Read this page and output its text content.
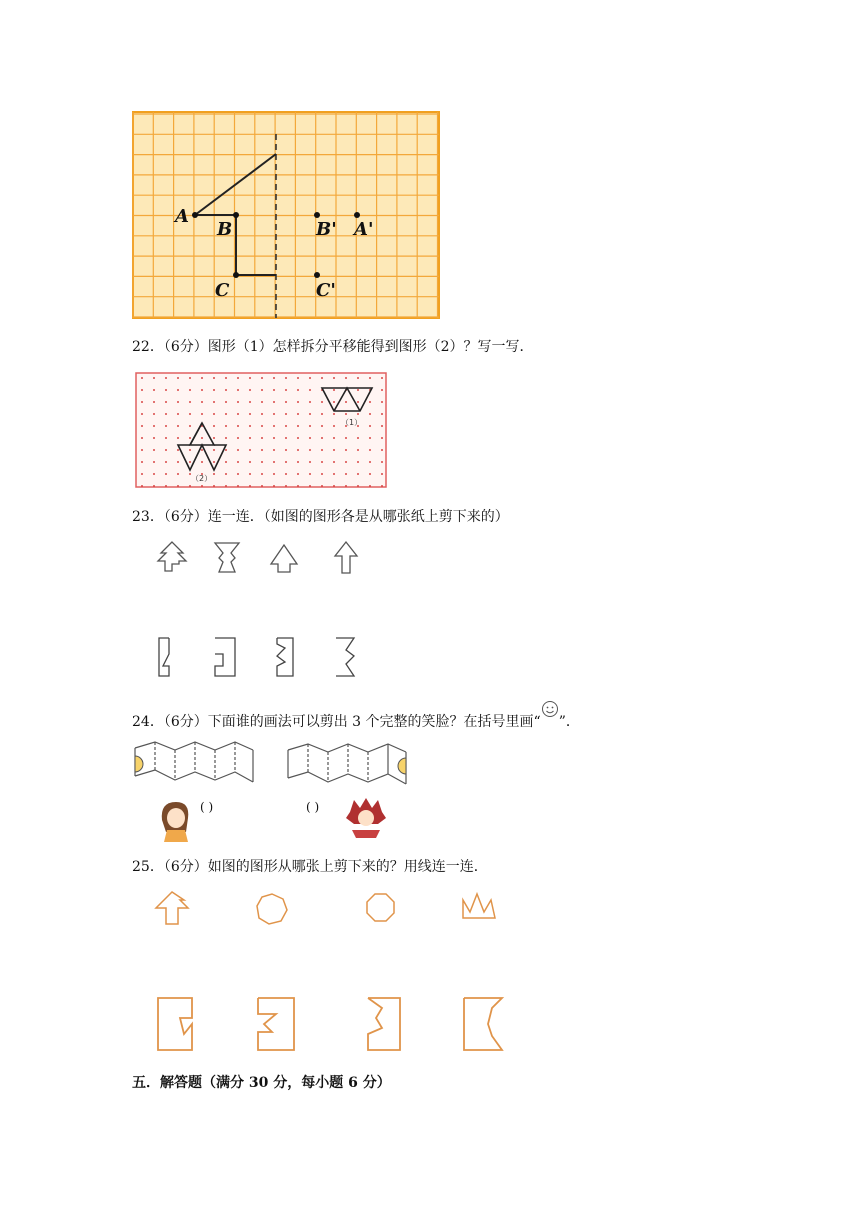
A
B
C
B' A'
C'
22．（6分）图形（1）怎样拆分平移能得到图形（2）？写一写．
（1）
（2）
23．（6分）连一连．（如图的图形各是从哪张纸上剪下来的）
24．（6分）下面谁的画法可以剪出 3 个完整的笑脸？在括号里画“ ”．
( )	( )
25．（6分）如图的图形从哪张上剪下来的？用线连一连．
五．解答题（满分 30 分，每小题 6 分）
